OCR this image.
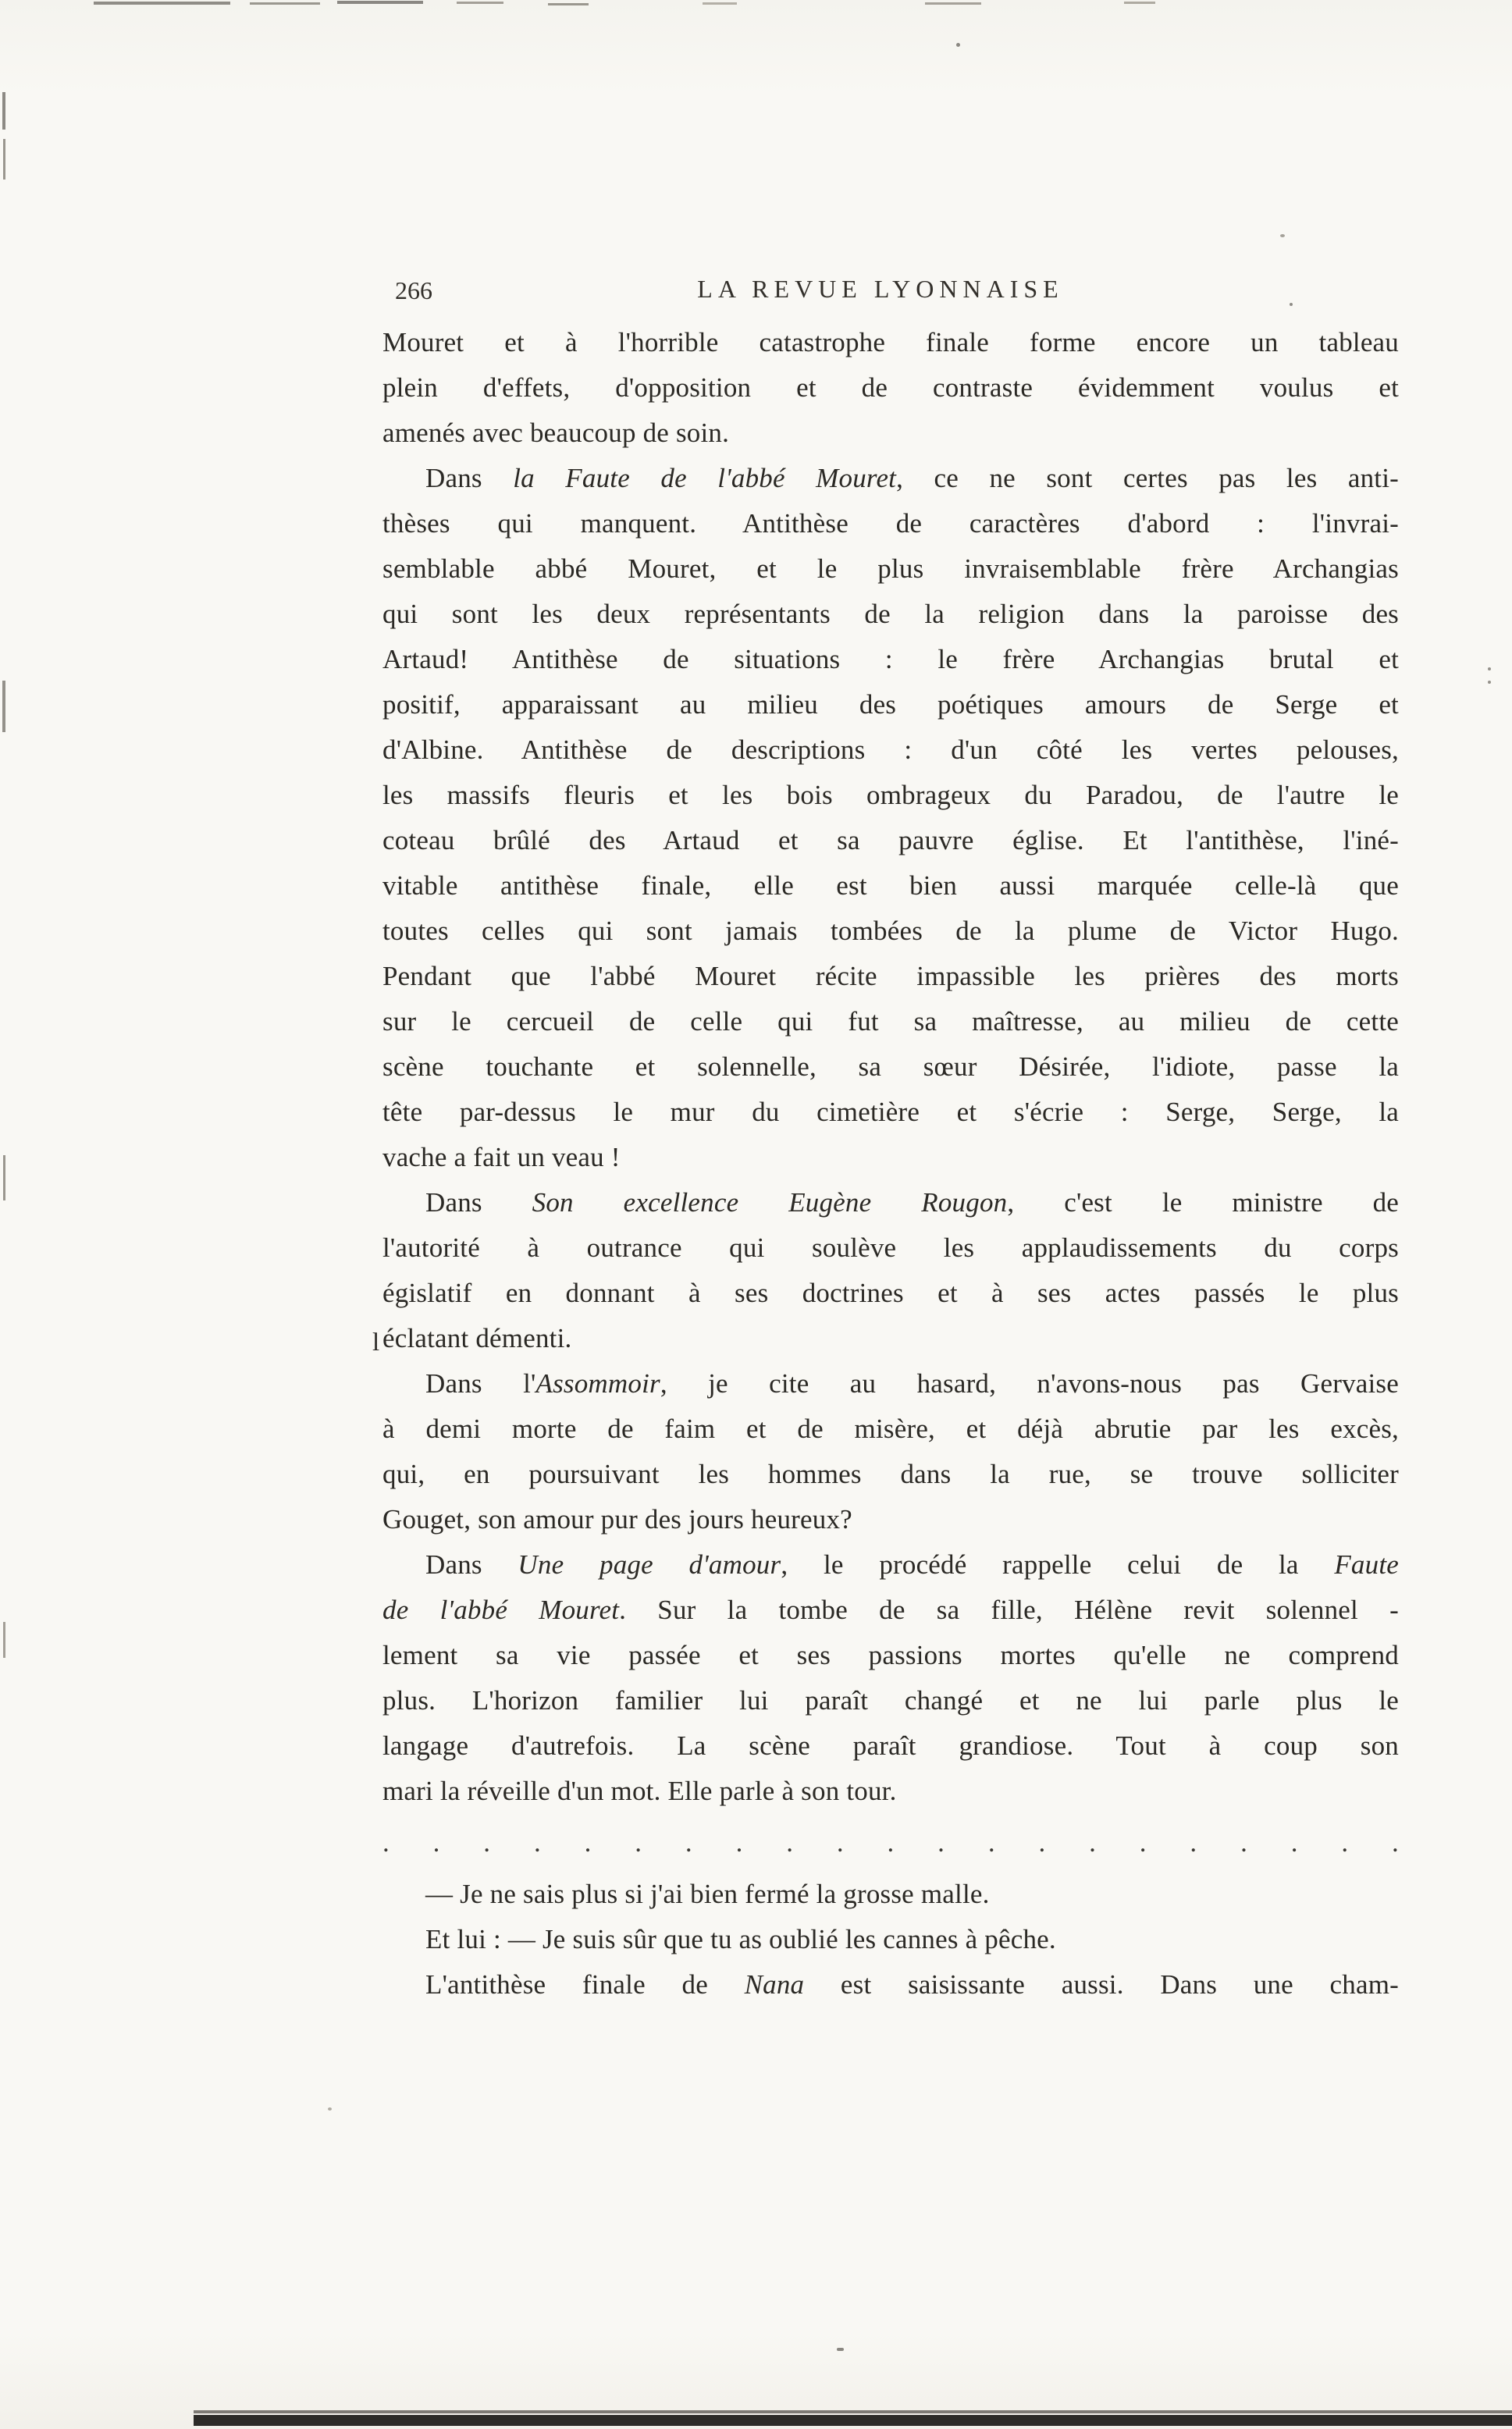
266	LA REVUE LYONNAISE
Mouret et à l'horrible catastrophe finale forme encore un tableau
plein d'effets, d'opposition et de contraste évidemment voulus et
amenés avec beaucoup de soin.
Dans la Faute de l'abbé Mouret, ce ne sont certes pas les anti-
thèses qui manquent. Antithèse de caractères d'abord : l'invrai-
semblable abbé Mouret, et le plus invraisemblable frère Archangias
qui sont les deux représentants de la religion dans la paroisse des
Artaud! Antithèse de situations : le frère Archangias brutal et
positif, apparaissant au milieu des poétiques amours de Serge et
d'Albine. Antithèse de descriptions : d'un côté les vertes pelouses,
les massifs fleuris et les bois ombrageux du Paradou, de l'autre le
coteau brûlé des Artaud et sa pauvre église. Et l'antithèse, l'iné-
vitable antithèse finale, elle est bien aussi marquée celle-là que
toutes celles qui sont jamais tombées de la plume de Victor Hugo.
Pendant que l'abbé Mouret récite impassible les prières des morts
sur le cercueil de celle qui fut sa maîtresse, au milieu de cette
scène touchante et solennelle, sa sœur Désirée, l'idiote, passe la
tête par-dessus le mur du cimetière et s'écrie : Serge, Serge, la
vache a fait un veau !
Dans Son excellence Eugène Rougon, c'est le ministre de
l'autorité à outrance qui soulève les applaudissements du corps
égislatif en donnant à ses doctrines et à ses actes passés le plus
éclatant démenti.
Dans l'Assommoir, je cite au hasard, n'avons-nous pas Gervaise
à demi morte de faim et de misère, et déjà abrutie par les excès,
qui, en poursuivant les hommes dans la rue, se trouve solliciter
Gouget, son amour pur des jours heureux?
Dans Une page d'amour, le procédé rappelle celui de la Faute
de l'abbé Mouret. Sur la tombe de sa fille, Hélène revit solennel -
lement sa vie passée et ses passions mortes qu'elle ne comprend
plus. L'horizon familier lui paraît changé et ne lui parle plus le
langage d'autrefois. La scène paraît grandiose. Tout à coup son
mari la réveille d'un mot. Elle parle à son tour.
. . . . . . . . . . . . . . . . . . . . .
— Je ne sais plus si j'ai bien fermé la grosse malle.
Et lui : — Je suis sûr que tu as oublié les cannes à pêche.
L'antithèse finale de Nana est saisissante aussi. Dans une cham-
l
